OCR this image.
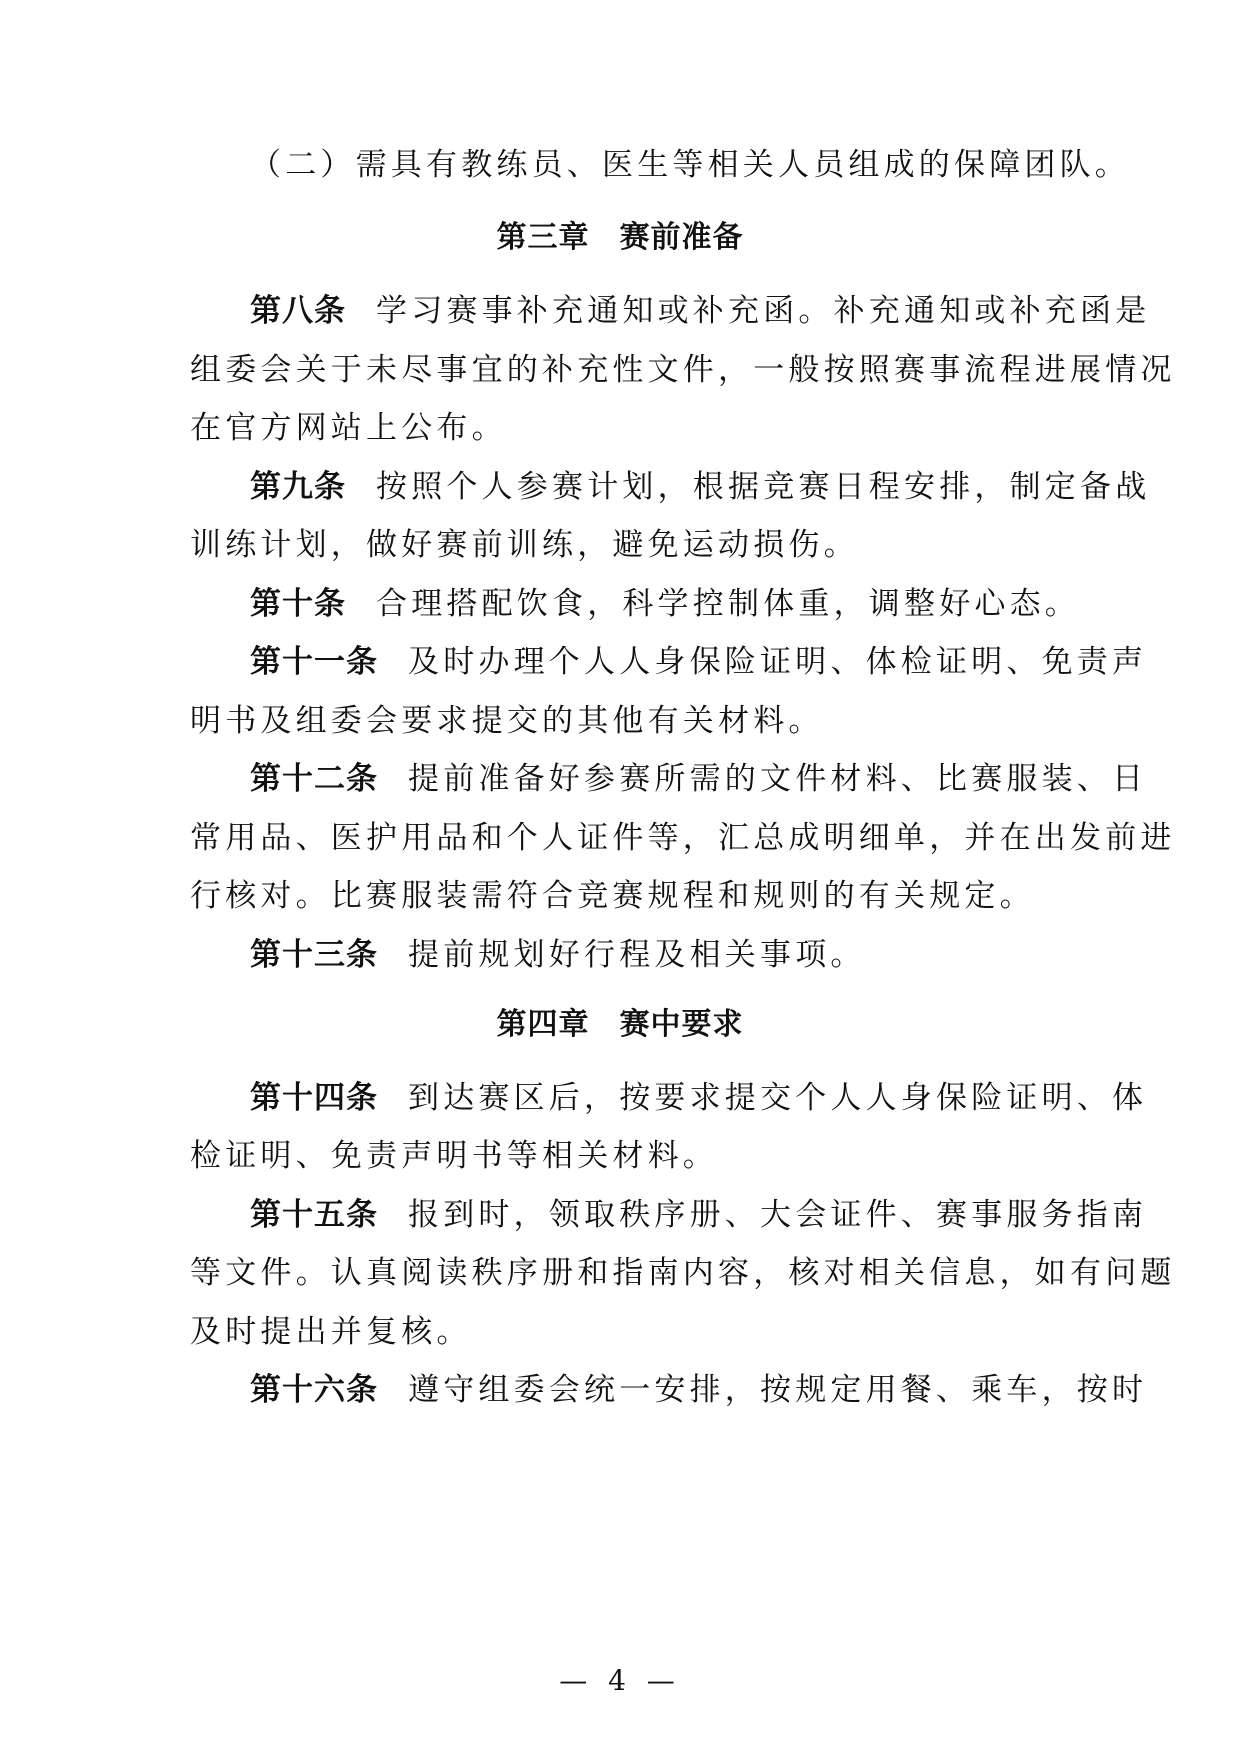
（二）需具有教练员、医生等相关人员组成的保障团队。
第三章 赛前准备
第八条 学习赛事补充通知或补充函。补充通知或补充函是
组委会关于未尽事宜的补充性文件，一般按照赛事流程进展情况
在官方网站上公布。
第九条 按照个人参赛计划，根据竞赛日程安排，制定备战
训练计划，做好赛前训练，避免运动损伤。
第十条 合理搭配饮食，科学控制体重，调整好心态。
第十一条 及时办理个人人身保险证明、体检证明、免责声
明书及组委会要求提交的其他有关材料。
第十二条 提前准备好参赛所需的文件材料、比赛服装、日
常用品、医护用品和个人证件等，汇总成明细单，并在出发前进
行核对。比赛服装需符合竞赛规程和规则的有关规定。
第十三条 提前规划好行程及相关事项。
第四章 赛中要求
第十四条 到达赛区后，按要求提交个人人身保险证明、体
检证明、免责声明书等相关材料。
第十五条 报到时，领取秩序册、大会证件、赛事服务指南
等文件。认真阅读秩序册和指南内容，核对相关信息，如有问题
及时提出并复核。
第十六条 遵守组委会统一安排，按规定用餐、乘车，按时
— 4 —
